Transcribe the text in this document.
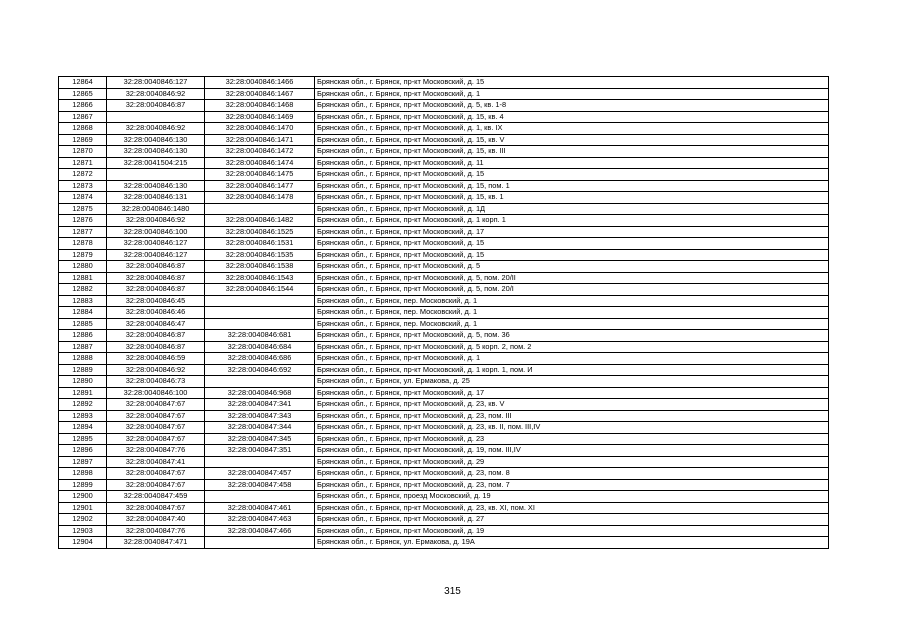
12864	32:28:0040846:127	32:28:0040846:1466	Брянская обл., г. Брянск, пр-кт Московский, д. 15
12865	32:28:0040846:92	32:28:0040846:1467	Брянская обл., г. Брянск, пр-кт Московский, д. 1
12866	32:28:0040846:87	32:28:0040846:1468	Брянская обл., г. Брянск, пр-кт Московский, д. 5, кв. 1-8
12867		32:28:0040846:1469	Брянская обл., г. Брянск, пр-кт Московский, д. 15, кв. 4
12868	32:28:0040846:92	32:28:0040846:1470	Брянская обл., г. Брянск, пр-кт Московский, д. 1, кв. IX
12869	32:28:0040846:130	32:28:0040846:1471	Брянская обл., г. Брянск, пр-кт Московский, д. 15, кв. V
12870	32:28:0040846:130	32:28:0040846:1472	Брянская обл., г. Брянск, пр-кт Московский, д. 15, кв. III
12871	32:28:0041504:215	32:28:0040846:1474	Брянская обл., г. Брянск, пр-кт Московский, д. 11
12872		32:28:0040846:1475	Брянская обл., г. Брянск, пр-кт Московский, д. 15
12873	32:28:0040846:130	32:28:0040846:1477	Брянская обл., г. Брянск, пр-кт Московский, д. 15, пом. 1
12874	32:28:0040846:131	32:28:0040846:1478	Брянская обл., г. Брянск, пр-кт Московский, д. 15, кв. 1
12875	32:28:0040846:1480		Брянская обл., г. Брянск, пр-кт Московский, д. 1Д
12876	32:28:0040846:92	32:28:0040846:1482	Брянская обл., г. Брянск, пр-кт Московский, д. 1 корп. 1
12877	32:28:0040846:100	32:28:0040846:1525	Брянская обл., г. Брянск, пр-кт Московский, д. 17
12878	32:28:0040846:127	32:28:0040846:1531	Брянская обл., г. Брянск, пр-кт Московский, д. 15
12879	32:28:0040846:127	32:28:0040846:1535	Брянская обл., г. Брянск, пр-кт Московский, д. 15
12880	32:28:0040846:87	32:28:0040846:1538	Брянская обл., г. Брянск, пр-кт Московский, д. 5
12881	32:28:0040846:87	32:28:0040846:1543	Брянская обл., г. Брянск, пр-кт Московский, д. 5, пом. 20/II
12882	32:28:0040846:87	32:28:0040846:1544	Брянская обл., г. Брянск, пр-кт Московский, д. 5, пом. 20/I
12883	32:28:0040846:45		Брянская обл., г. Брянск, пер. Московский, д. 1
12884	32:28:0040846:46		Брянская обл., г. Брянск, пер. Московский, д. 1
12885	32:28:0040846:47		Брянская обл., г. Брянск, пер. Московский, д. 1
12886	32:28:0040846:87	32:28:0040846:681	Брянская обл., г. Брянск, пр-кт Московский, д. 5, пом. 36
12887	32:28:0040846:87	32:28:0040846:684	Брянская обл., г. Брянск, пр-кт Московский, д. 5 корп. 2, пом. 2
12888	32:28:0040846:59	32:28:0040846:686	Брянская обл., г. Брянск, пр-кт Московский, д. 1
12889	32:28:0040846:92	32:28:0040846:692	Брянская обл., г. Брянск, пр-кт Московский, д. 1 корп. 1, пом. И
12890	32:28:0040846:73		Брянская обл., г. Брянск, ул. Ермакова, д. 25
12891	32:28:0040846:100	32:28:0040846:968	Брянская обл., г. Брянск, пр-кт Московский, д. 17
12892	32:28:0040847:67	32:28:0040847:341	Брянская обл., г. Брянск, пр-кт Московский, д. 23, кв. V
12893	32:28:0040847:67	32:28:0040847:343	Брянская обл., г. Брянск, пр-кт Московский, д. 23, пом. III
12894	32:28:0040847:67	32:28:0040847:344	Брянская обл., г. Брянск, пр-кт Московский, д. 23, кв. II, пом. III,IV
12895	32:28:0040847:67	32:28:0040847:345	Брянская обл., г. Брянск, пр-кт Московский, д. 23
12896	32:28:0040847:76	32:28:0040847:351	Брянская обл., г. Брянск, пр-кт Московский, д. 19, пом. III,IV
12897	32:28:0040847:41		Брянская обл., г. Брянск, пр-кт Московский, д. 29
12898	32:28:0040847:67	32:28:0040847:457	Брянская обл., г. Брянск, пр-кт Московский, д. 23, пом. 8
12899	32:28:0040847:67	32:28:0040847:458	Брянская обл., г. Брянск, пр-кт Московский, д. 23, пом. 7
12900	32:28:0040847:459		Брянская обл., г. Брянск, проезд Московский, д. 19
12901	32:28:0040847:67	32:28:0040847:461	Брянская обл., г. Брянск, пр-кт Московский, д. 23, кв. XI, пом. XI
12902	32:28:0040847:40	32:28:0040847:463	Брянская обл., г. Брянск, пр-кт Московский, д. 27
12903	32:28:0040847:76	32:28:0040847:466	Брянская обл., г. Брянск, пр-кт Московский, д. 19
12904	32:28:0040847:471		Брянская обл., г. Брянск, ул. Ермакова, д. 19А
315
